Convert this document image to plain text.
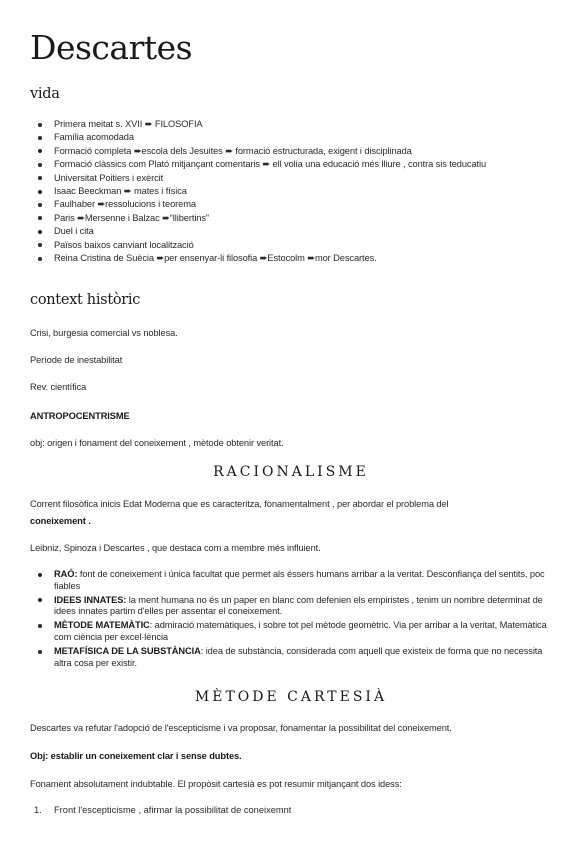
Descartes
vida
Primera meitat s. XVII ➨ FILOSOFIA
Família acomodada
Formació completa ➨escola dels Jesuites ➨ formació estructurada, exigent i disciplinada
Formació clàssics com Plató mitjançant comentaris ➨ ell volia una educació més lliure , contra sis teducatiu
Universitat Poitiers i exèrcit
Isaac Beeckman ➨ mates i física
Faulhaber ➨ressolucions i teorema
Paris ➨Mersenne i Balzac ➨“llibertins”
Duel i cita
Països baixos canviant localització
Reina Cristina de Suècia ➨per ensenyar-li filosofia ➨Estocolm ➨mor Descartes.
context històric

Crisi, burgesia comercial vs noblesa.

Període de inestabilitat

Rev. científica

ANTROPOCENTRISME

obj: origen i fonament del coneixement , mètode obtenir veritat.

RACIONALISME

Corrent filosòfica inicis Edat Moderna que es caracteritza, fonamentalment , per abordar el problema del

coneixement .

Leibniz, Spinoza i Descartes , que destaca com a membre més influient.

RAÓ: font de coneixement i única facultat que permet als éssers humans arribar a la veritat. Desconfiança del sentits, poc fiables
IDEES INNATES: la ment humana no és un paper en blanc com defenien els empiristes , tenim un nombre determinat de idees innates partim d'elles per assentar el coneixement.
MÈTODE MATEMÀTIC: admiració matemàtiques, i sobre tot pel mètode geomètric. Via per arribar a la veritat, Matemàtica com ciència per excel·lència
METAFÍSICA DE LA SUBSTÀNCIA: idea de substància, considerada com aquell que existeix de forma que no necessita altra cosa per existir.
MÈTODE CARTESIÀ

Descartes va refutar l'adopció de l'escepticisme i va proposar, fonamentar la possibilitat del coneixement.

Obj: establir un coneixement clar i sense dubtes.

Fonament absolutament indubtable. El propòsit cartesià es pot resumir mitjançant dos idess:

1. Front l'escepticisme , afirmar la possibilitat de coneixemnt
